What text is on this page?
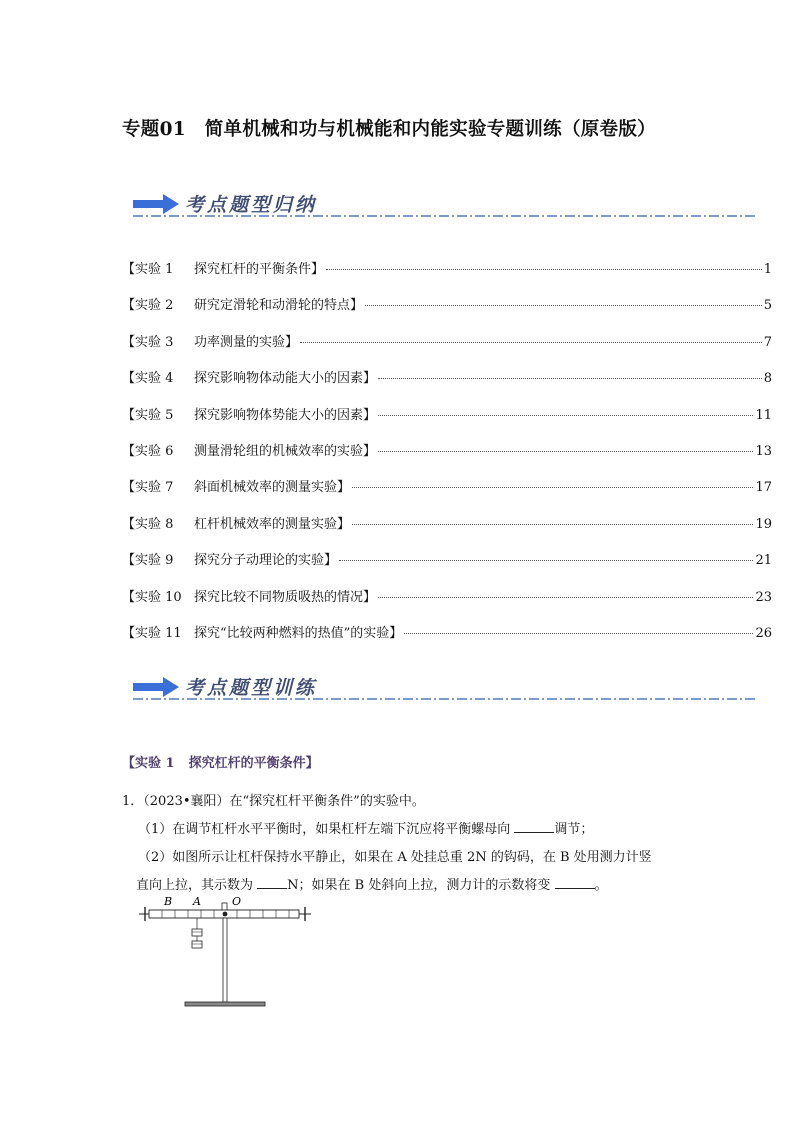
专题01　简单机械和功与机械能和内能实验专题训练（原卷版）
考点题型归纳
【实验 1	探究杠杆的平衡条件】	1
【实验 2	研究定滑轮和动滑轮的特点】	5
【实验 3	功率测量的实验】	7
【实验 4	探究影响物体动能大小的因素】	8
【实验 5	探究影响物体势能大小的因素】	11
【实验 6	测量滑轮组的机械效率的实验】	13
【实验 7	斜面机械效率的测量实验】	17
【实验 8	杠杆机械效率的测量实验】	19
【实验 9	探究分子动理论的实验】	21
【实验 10 探究比较不同物质吸热的情况】	23
【实验 11 探究“比较两种燃料的热值”的实验】	26
考点题型训练
【实验 1 探究杠杆的平衡条件】
1．（2023•襄阳）在“探究杠杆平衡条件”的实验中。
（1）在调节杠杆水平平衡时，如果杠杆左端下沉应将平衡螺母向	调节；
（2）如图所示让杠杆保持水平静止，如果在 A 处挂总重 2N 的钩码，在 B 处用测力计竖
直向上拉，其示数为	N；如果在 B 处斜向上拉，测力计的示数将变	。
B A	O
